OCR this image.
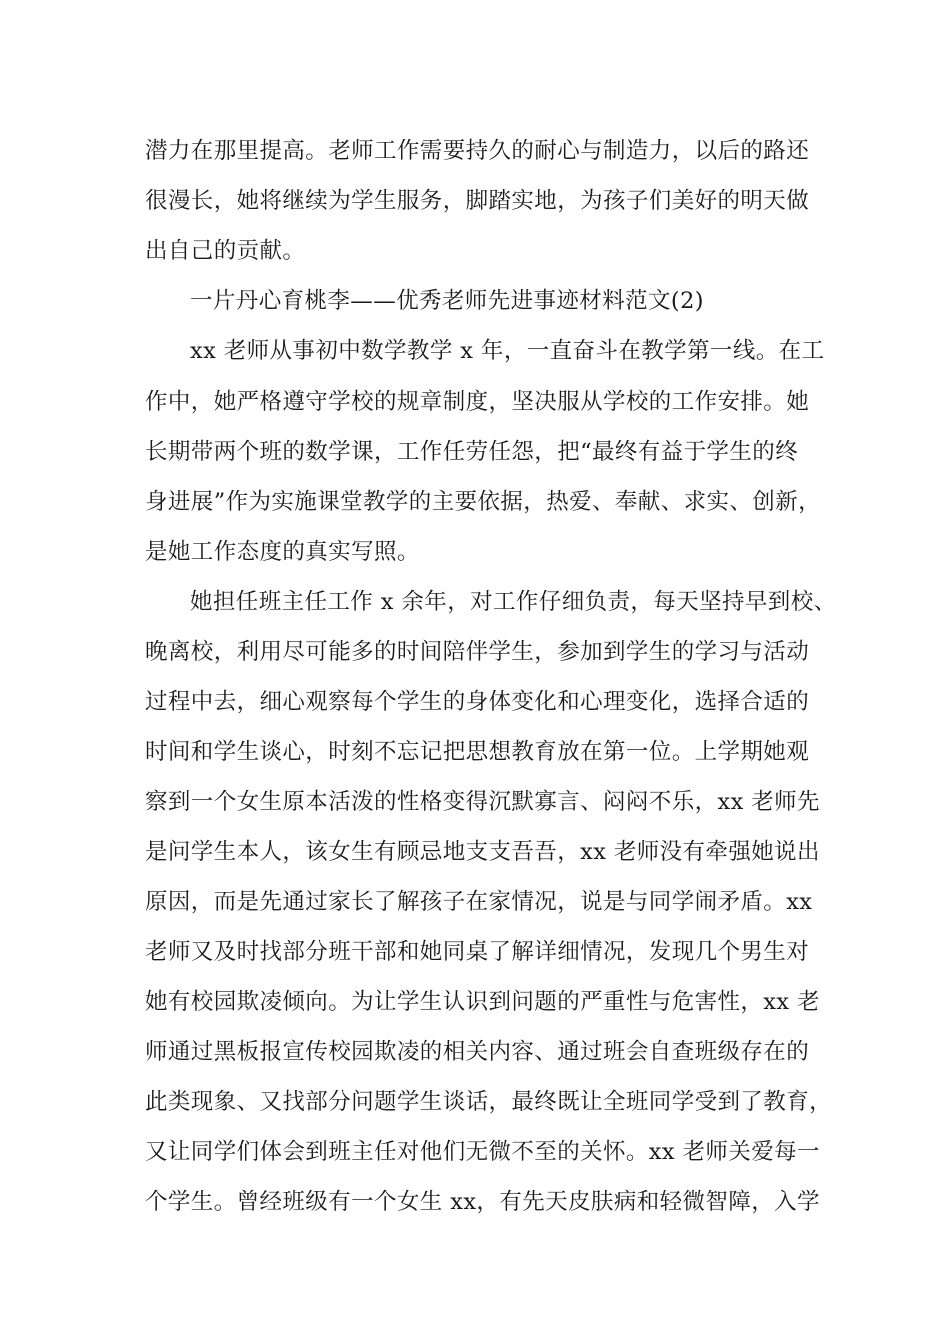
潜力在那里提高。老师工作需要持久的耐心与制造力，以后的路还
很漫长，她将继续为学生服务，脚踏实地，为孩子们美好的明天做
出自己的贡献。
一片丹心育桃李——优秀老师先进事迹材料范文(2)
xx 老师从事初中数学教学 x 年，一直奋斗在教学第一线。在工
作中，她严格遵守学校的规章制度，坚决服从学校的工作安排。她
长期带两个班的数学课，工作任劳任怨，把“最终有益于学生的终
身进展”作为实施课堂教学的主要依据，热爱、奉献、求实、创新，
是她工作态度的真实写照。
她担任班主任工作 x 余年，对工作仔细负责，每天坚持早到校、
晚离校，利用尽可能多的时间陪伴学生，参加到学生的学习与活动
过程中去，细心观察每个学生的身体变化和心理变化，选择合适的
时间和学生谈心，时刻不忘记把思想教育放在第一位。上学期她观
察到一个女生原本活泼的性格变得沉默寡言、闷闷不乐，xx 老师先
是问学生本人，该女生有顾忌地支支吾吾，xx 老师没有牵强她说出
原因，而是先通过家长了解孩子在家情况，说是与同学闹矛盾。xx
老师又及时找部分班干部和她同桌了解详细情况，发现几个男生对
她有校园欺凌倾向。为让学生认识到问题的严重性与危害性，xx 老
师通过黑板报宣传校园欺凌的相关内容、通过班会自查班级存在的
此类现象、又找部分问题学生谈话，最终既让全班同学受到了教育，
又让同学们体会到班主任对他们无微不至的关怀。xx 老师关爱每一
个学生。曾经班级有一个女生 xx，有先天皮肤病和轻微智障，入学
